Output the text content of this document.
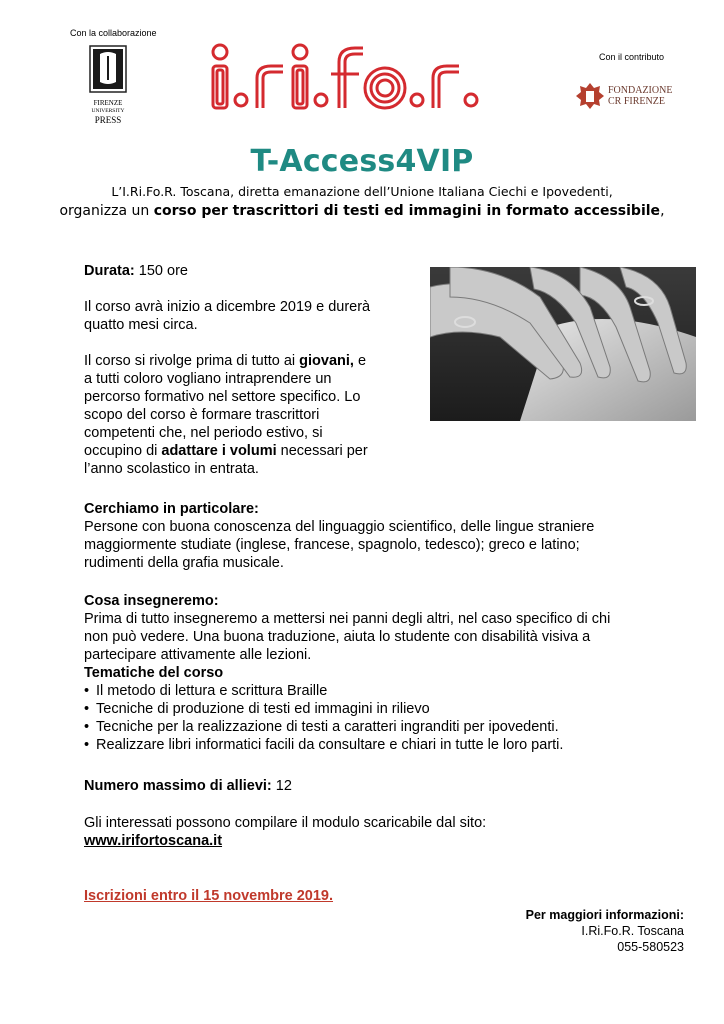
Con la collaborazione
FIRENZE
UNIVERSITY
PRESS
Con il contributo
FONDAZIONE
CR FIRENZE
T-Access4VIP
L’I.Ri.Fo.R. Toscana, diretta emanazione dell’Unione Italiana Ciechi e Ipovedenti,
organizza un corso per trascrittori di testi ed immagini in formato accessibile,
Durata: 150 ore
Il corso avrà inizio a dicembre 2019 e durerà
quatto mesi circa.
Il corso si rivolge prima di tutto ai giovani, e
a tutti coloro vogliano intraprendere un
percorso formativo nel settore specifico. Lo
scopo del corso è formare trascrittori
competenti che, nel periodo estivo, si
occupino di adattare i volumi necessari per
l’anno scolastico in entrata.
Cerchiamo in particolare:
Persone con buona conoscenza del linguaggio scientifico, delle lingue straniere
maggiormente studiate (inglese, francese, spagnolo, tedesco); greco e latino;
rudimenti della grafia musicale.
Cosa insegneremo:
Prima di tutto insegneremo a mettersi nei panni degli altri, nel caso specifico di chi
non può vedere. Una buona traduzione, aiuta lo studente con disabilità visiva a
partecipare attivamente alle lezioni.
Tematiche del corso
• Il metodo di lettura e scrittura Braille
• Tecniche di produzione di testi ed immagini in rilievo
• Tecniche per la realizzazione di testi a caratteri ingranditi per ipovedenti.
• Realizzare libri informatici facili da consultare e chiari in tutte le loro parti.
Numero massimo di allievi: 12
Gli interessati possono compilare il modulo scaricabile dal sito:
www.irifortoscana.it
Iscrizioni entro il 15 novembre 2019.
Per maggiori informazioni:
I.Ri.Fo.R. Toscana
055-580523
